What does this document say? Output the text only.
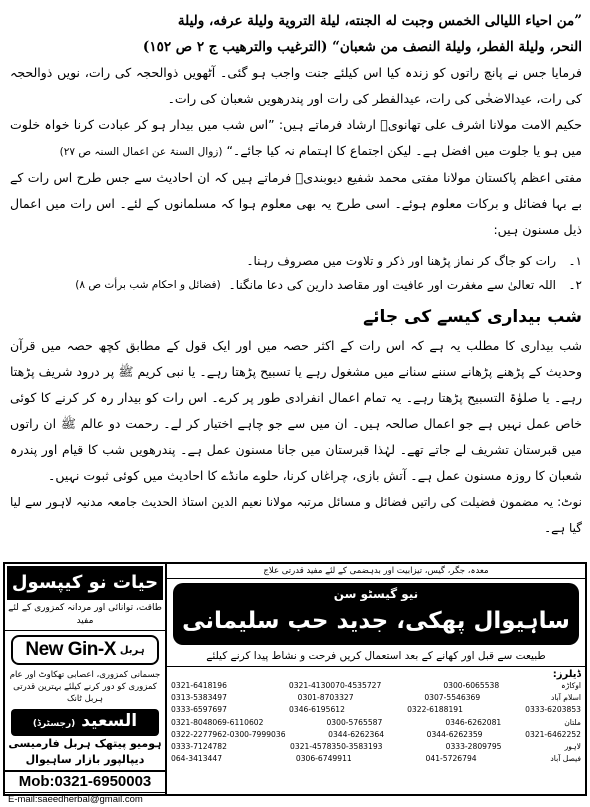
”من احياء الليالى الخمس وجبت له الجنته، ليلة التروية وليلة عرفه، وليلة

النحر، وليلة الفطر، وليلة النصف من شعبان“ (الترغيب والترهيب ج ٢ ص ١٥٢)

فرمایا جس نے پانچ راتوں کو زندہ کیا اس کیلئے جنت واجب ہو گئی۔ آٹھویں ذوالحجہ کی رات، نویں ذوالحجہ کی رات، عیدالاضحٰی کی رات، عیدالفطر کی رات اور پندرھویں شعبان کی رات۔

حکیم الامت مولانا اشرف علی تھانویؒ ارشاد فرماتے ہیں: ”اس شب میں بیدار ہو کر عبادت کرنا خواہ خلوت میں ہو یا جلوت میں افضل ہے۔ لیکن اجتماع کا اہتمام نہ کیا جائے۔“ (زوال السنۃ عن اعمال السنہ ص ۲۷)

مفتی اعظم پاکستان مولانا مفتی محمد شفیع دیوبندیؒ فرماتے ہیں کہ ان احادیث سے جس طرح اس رات کے بے بہا فضائل و برکات معلوم ہوئے۔ اسی طرح یہ بھی معلوم ہوا کہ مسلمانوں کے لئے۔ اس رات میں اعمال ذیل مسنون ہیں:

١۔
رات کو جاگ کر نماز پڑھنا اور ذکر و تلاوت میں مصروف رہنا۔
٢۔
اللہ تعالیٰ سے مغفرت اور عافیت اور مقاصد دارین کی دعا مانگنا۔
(فضائل و احکام شب برأت ص ٨)
شب بیداری کیسے کی جائے

شب بیداری کا مطلب یہ ہے کہ اس رات کے اکثر حصہ میں اور ایک قول کے مطابق کچھ حصہ میں قرآن وحدیث کے پڑھنے پڑھانے سننے سنانے میں مشغول رہے یا تسبیح پڑھتا رہے۔ یا نبی کریم ﷺ پر درود شریف پڑھتا رہے۔ یا صلوٰۃ التسبیح پڑھتا رہے۔ یہ تمام اعمال انفرادی طور پر کرے۔ اس رات کو بیدار رہ کر کرنے کا کوئی خاص عمل نہیں ہے جو اعمال صالحہ ہیں۔ ان میں سے جو چاہے اختیار کر لے۔ رحمت دو عالم ﷺ ان راتوں میں قبرستان تشریف لے جاتے تھے۔ لہٰذا قبرستان میں جانا مسنون عمل ہے۔ پندرھویں شب کا قیام اور پندرہ شعبان کا روزہ مسنون عمل ہے۔ آتش بازی، چراغاں کرنا، حلوے مانڈے کا احادیث میں کوئی ثبوت نہیں۔

نوٹ: یہ مضمون فضیلت کی راتیں فضائل و مسائل مرتبہ مولانا نعیم الدین استاذ الحدیث جامعہ مدنیہ لاہور سے لیا گیا ہے۔

حیات نو کیپسول
طاقت، توانائی اور مردانہ کمزوری کے لئے مفید
New Gin-X ہربل
جسمانی کمزوری، اعصابی تھکاوٹ اور عام کمزوری کو دور کرنے کیلئے بہترین قدرتی ہربل ٹانک
السعید (رجسٹرڈ)
ہومیو پیتھک ہربل فارمیسی
دیپالپور بازار ساہیوال
Mob:0321-6950003
E-mail:saeedherbal@gmail.com
معدہ، جگر، گیس، تیزابیت اور بدہضمی کے لئے مفید قدرتی علاج
نیو گیسٹو سن
ساہیوال پھکی، جدید حب سلیمانی
طبیعت سے قبل اور کھانے کے بعد استعمال کریں فرحت و نشاط پیدا کرنے کیلئے
ڈیلرز:
اوکاڑہ
0300-6065538
0321-4130070-4535727
0321-6418196
اسلام آباد
0307-5546369
0301-8703327
0313-5383497
0333-6203853
0322-6188191
0346-6195612
0333-6597697
ملتان
0346-6262081
0300-5765587
0321-8048069-6110602
0321-6462252
0344-6262359
0344-6262364
0322-2277962-0300-7999036
لاہور
0333-2809795
0321-4578350-3583193
0333-7124782
فیصل آباد
041-5726794
0306-6749911
064-3413447
